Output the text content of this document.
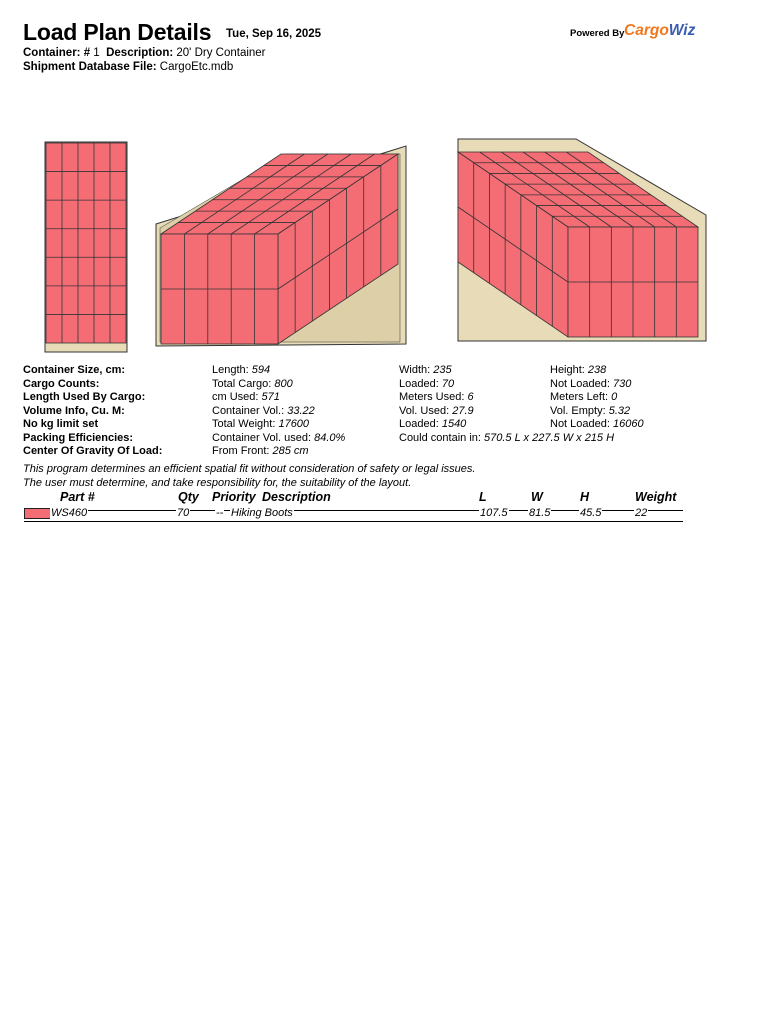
Load Plan Details Tue, Sep 16, 2025	Powered By CargoWiz
Container: # 1 Description: 20' Dry Container
Shipment Database File: CargoEtc.mdb
Container Size, cm:	Length: 594	Width: 235	Height: 238
Cargo Counts:	Total Cargo: 800	Loaded: 70	Not Loaded: 730
Length Used By Cargo:	cm Used: 571	Meters Used: 6	Meters Left: 0
Volume Info, Cu. M:	Container Vol.: 33.22	Vol. Used: 27.9	Vol. Empty: 5.32
No kg limit set	Total Weight: 17600	Loaded: 1540	Not Loaded: 16060
Packing Efficiencies:	Container Vol. used: 84.0%	Could contain in: 570.5 L x 227.5 W x 215 H
Center Of Gravity Of Load:	From Front: 285 cm
This program determines an efficient spatial fit without consideration of safety or legal issues.
The user must determine, and take responsibility for, the suitability of the layout.
Part #	Qty Priority Description	L	W	H	Weight
WS460	70 -- Hiking Boots	107.5 81.5	45.5	22
